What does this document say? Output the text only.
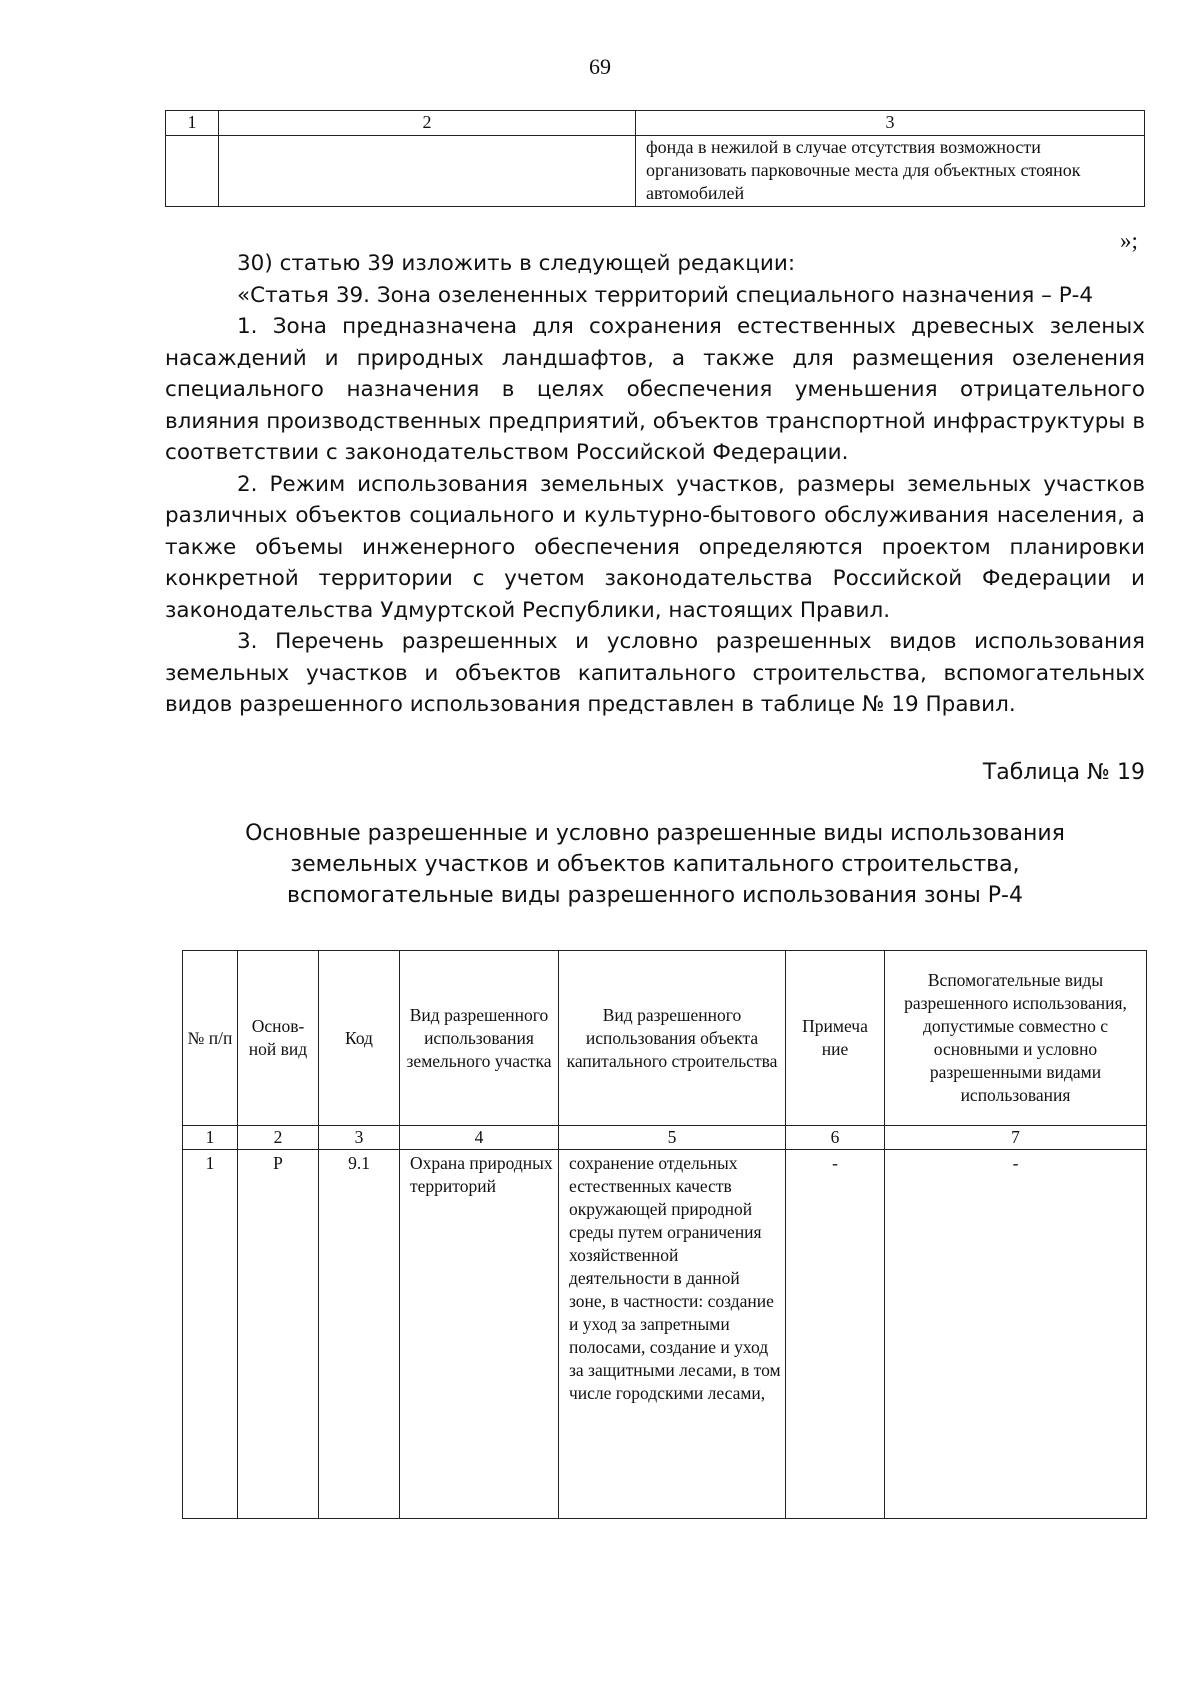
69
1	2	3
		фонда в нежилой в случае отсутствия возможности организовать парковочные места для объектных стоянок автомобилей
»;

30) статью 39 изложить в следующей редакции:

«Статья 39. Зона озелененных территорий специального назначения – Р-4

1. Зона предназначена для сохранения естественных древесных зеленых насаждений и природных ландшафтов, а также для размещения озеленения специального назначения в целях обеспечения уменьшения отрицательного влияния производственных предприятий, объектов транспортной инфраструктуры в соответствии с законодательством Российской Федерации.

2. Режим использования земельных участков, размеры земельных участков различных объектов социального и культурно-бытового обслуживания населения, а также объемы инженерного обеспечения определяются проектом планировки конкретной территории с учетом законодательства Российской Федерации и законодательства Удмуртской Республики, настоящих Правил.

3. Перечень разрешенных и условно разрешенных видов использования земельных участков и объектов капитального строительства, вспомогательных видов разрешенного использования представлен в таблице № 19 Правил.

Таблица № 19
Основные разрешенные и условно разрешенные виды использования
земельных участков и объектов капитального строительства,
вспомогательные виды разрешенного использования зоны Р-4
№ п/п	Основ-ной вид	Код	Вид разрешенного использования земельного участка	Вид разрешенного использования объекта капитального строительства	Примеча ние	Вспомогательные виды разрешенного использования, допустимые совместно с основными и условно разрешенными видами использования
1	2	3	4	5	6	7
1	Р	9.1	Охрана природных территорий	сохранение отдельных естественных качеств окружающей природной среды путем ограничения хозяйственной деятельности в данной зоне, в частности: создание и уход за запретными полосами, создание и уход за защитными лесами, в том числе городскими лесами,	-	-
